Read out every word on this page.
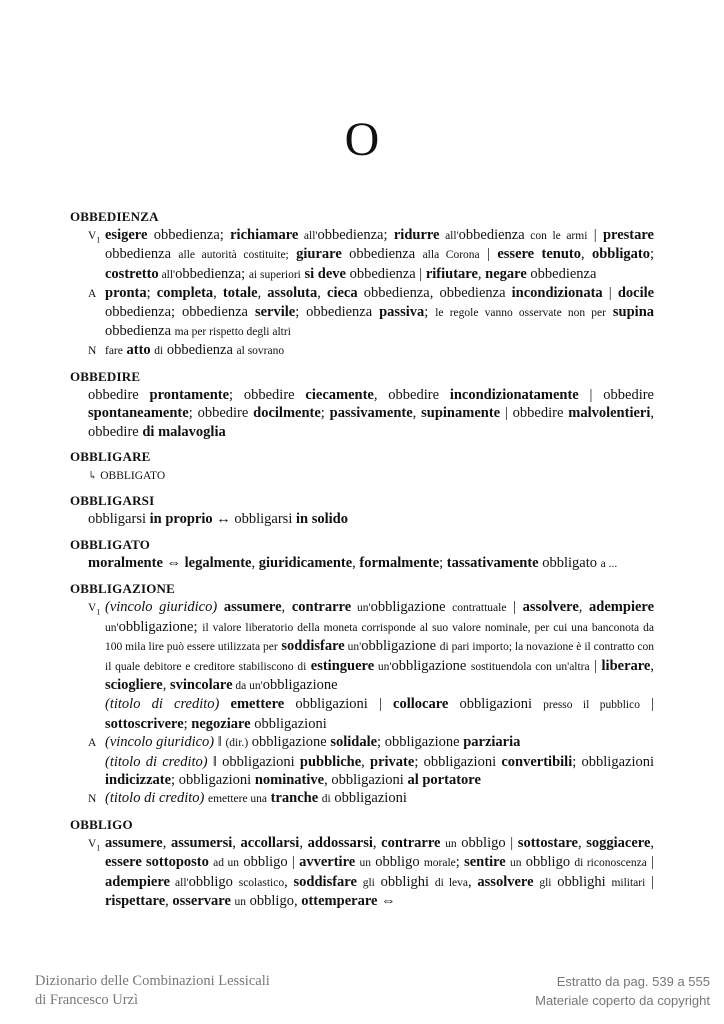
O
OBBEDIENZA
$V_1$ esigere obbedienza; richiamare all'obbedienza; ridurre all'obbedienza con le armi | prestare obbedienza alle autorità costituite; giurare obbedienza alla Corona | essere tenuto, obbligato; costretto all'obbedienza; ai superiori si deve obbedienza | rifiutare, negare obbedienza
A pronta; completa, totale, assoluta, cieca obbedienza, obbedienza incondizionata | docile obbedienza; obbedienza servile; obbedienza passiva; le regole vanno osservate non per supina obbedienza ma per rispetto degli altri
N fare atto di obbedienza al sovrano
OBBEDIRE
obbedire prontamente; obbedire ciecamente, obbedire incondizionatamente | obbedire spontaneamente; obbedire docilmente; passivamente, supinamente | obbedire malvolentieri, obbedire di malavoglia
OBBLIGARE
↳ OBBLIGATO
OBBLIGARSI
obbligarsi in proprio ↔ obbligarsi in solido
OBBLIGATO
moralmente ⇔ legalmente, giuridicamente, formalmente; tassativamente obbligato a ...
OBBLIGAZIONE
$V_1$ (vincolo giuridico) assumere, contrarre un'obbligazione contrattuale | assolvere, adempiere un'obbligazione; il valore liberatorio della moneta corrisponde al suo valore nominale, per cui una banconota da 100 mila lire può essere utilizzata per soddisfare un'obbligazione di pari importo; la novazione è il contratto con il quale debitore e creditore stabiliscono di estinguere un'obbligazione sostituendola con un'altra | liberare, sciogliere, svincolare da un'obbligazione
(titolo di credito) emettere obbligazioni | collocare obbligazioni presso il pubblico | sottoscrivere; negoziare obbligazioni
A (vincolo giuridico) ‖ (dir.) obbligazione solidale; obbligazione parziaria
(titolo di credito) ‖ obbligazioni pubbliche, private; obbligazioni convertibili; obbligazioni indicizzate; obbligazioni nominative, obbligazioni al portatore
N (titolo di credito) emettere una tranche di obbligazioni
OBBLIGO
$V_1$ assumere, assumersi, accollarsi, addossarsi, contrarre un obbligo | sottostare, soggiacere, essere sottoposto ad un obbligo | avvertire un obbligo morale; sentire un obbligo di riconoscenza | adempiere all'obbligo scolastico, soddisfare gli obblighi di leva, assolvere gli obblighi militari | rispettare, osservare un obbligo, ottemperare ⇔
Dizionario delle Combinazioni Lessicali
di Francesco Urzì
Estratto da pag. 539 a 555
Materiale coperto da copyright
